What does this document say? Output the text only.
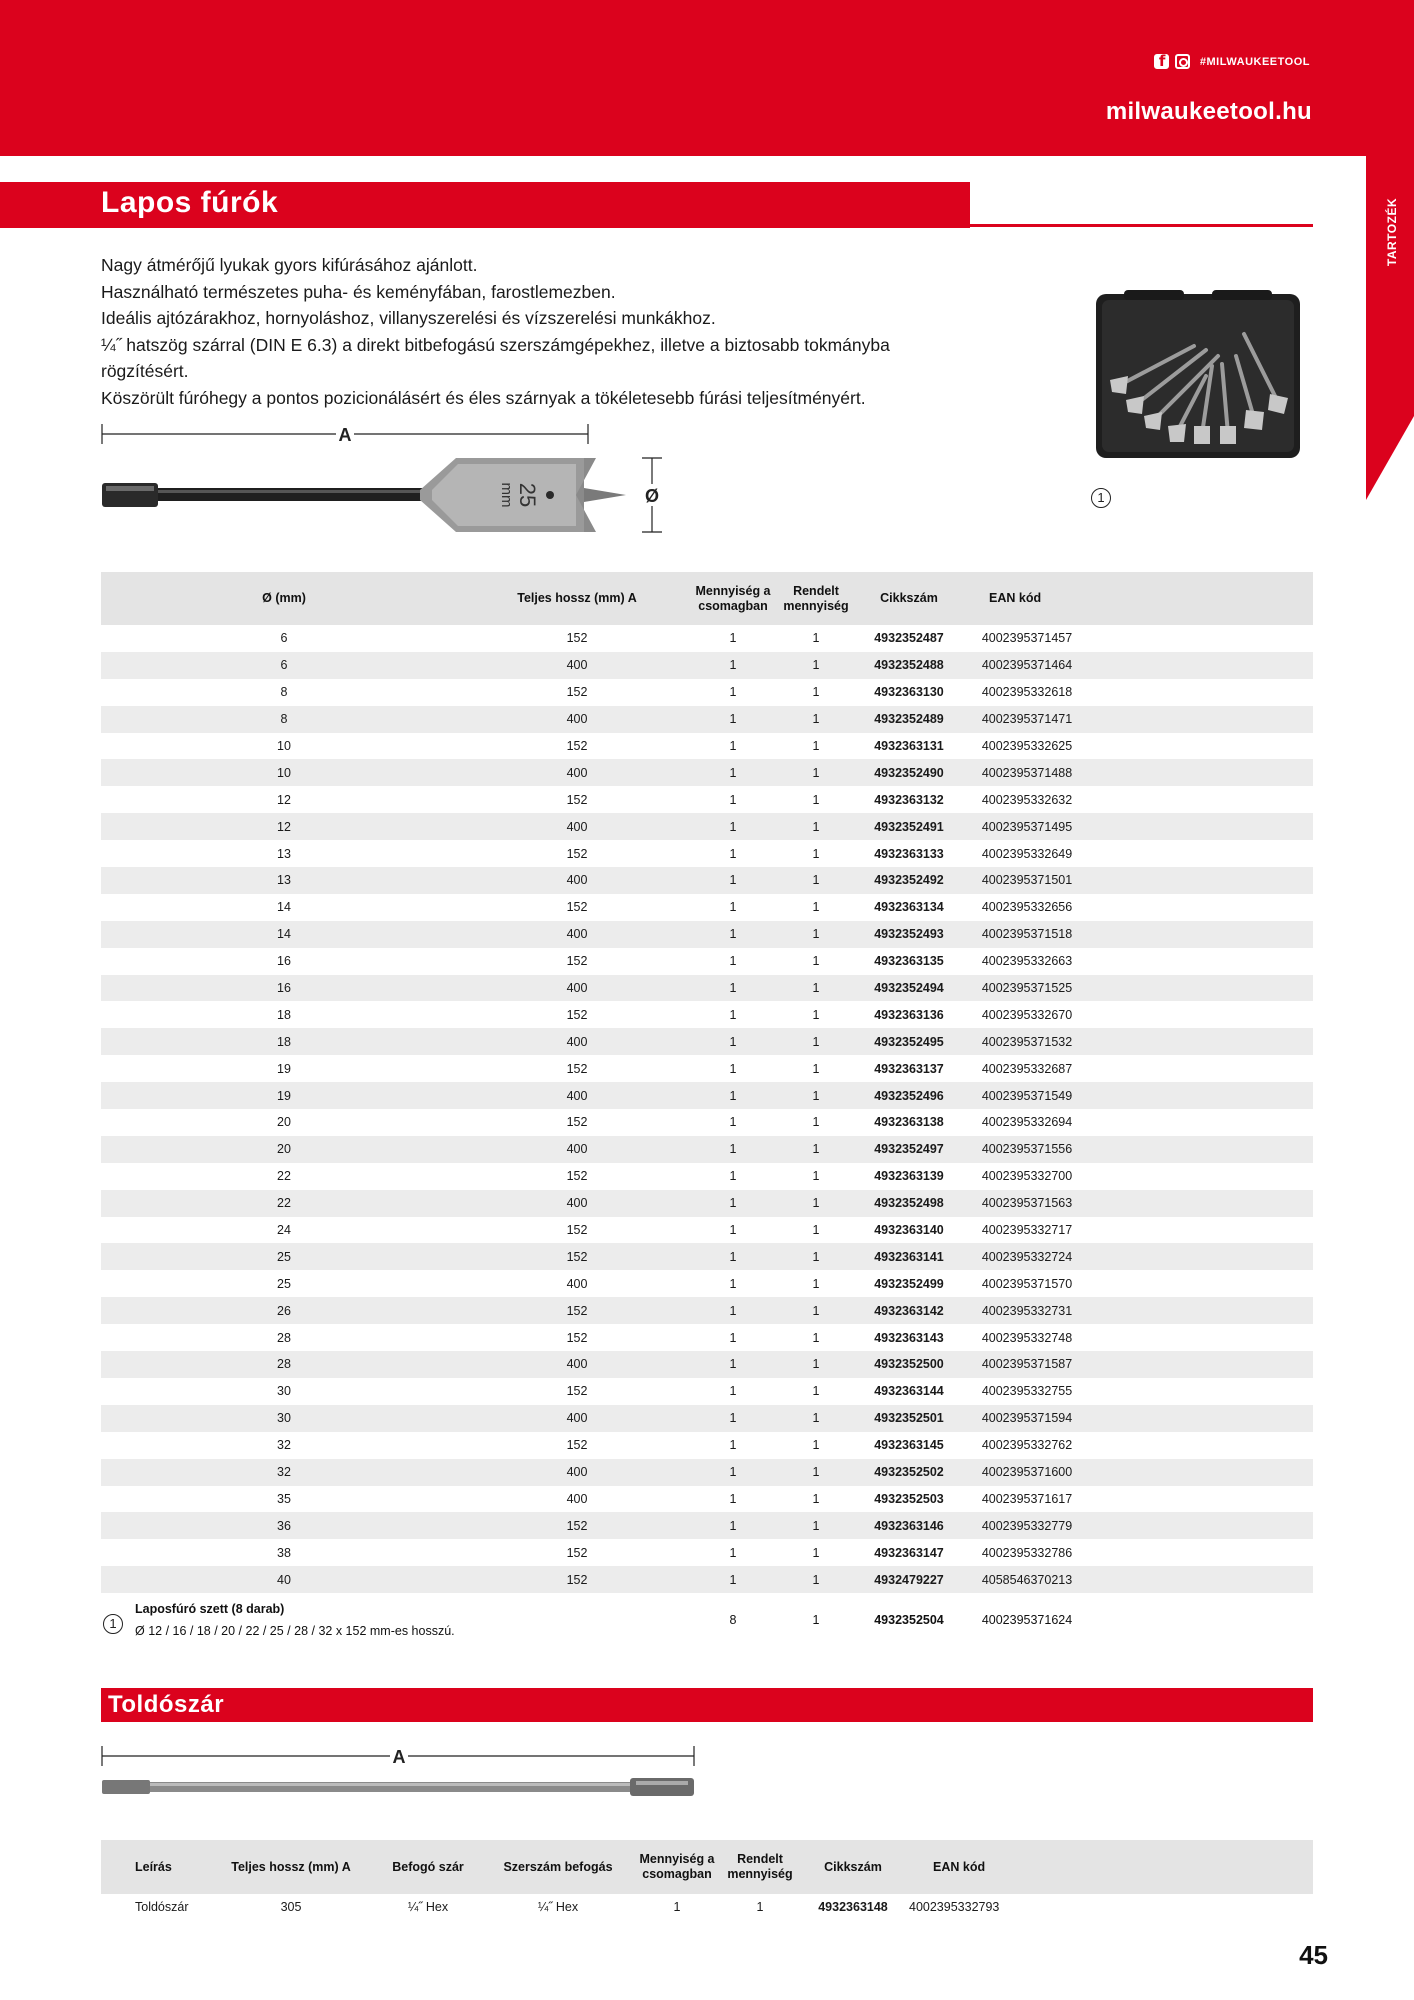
f
#MILWAUKEETOOL
milwaukeetool.hu
TARTOZÉK
Lapos fúrók
Nagy átmérőjű lyukak gyors kifúrásához ajánlott.
Használható természetes puha- és keményfában, farostlemezben.
Ideális ajtózárakhoz, hornyoláshoz, villanyszerelési és vízszerelési munkákhoz.
¼˝ hatszög szárral (DIN E 6.3) a direkt bitbefogású szerszámgépekhez, illetve a biztosabb tokmányba rögzítésért.
Köszörült fúróhegy a pontos pozicionálásért és éles szárnyak a tökéletesebb fúrási teljesítményért.
A
25
mm	Ø	1
Ø (mm)	Teljes hossz (mm) A	Mennyiség a csomagban	Rendelt mennyiség	Cikkszám	EAN kód	
6	152	1	1	4932352487	4002395371457	
6	400	1	1	4932352488	4002395371464	
8	152	1	1	4932363130	4002395332618	
8	400	1	1	4932352489	4002395371471	
10	152	1	1	4932363131	4002395332625	
10	400	1	1	4932352490	4002395371488	
12	152	1	1	4932363132	4002395332632	
12	400	1	1	4932352491	4002395371495	
13	152	1	1	4932363133	4002395332649	
13	400	1	1	4932352492	4002395371501	
14	152	1	1	4932363134	4002395332656	
14	400	1	1	4932352493	4002395371518	
16	152	1	1	4932363135	4002395332663	
16	400	1	1	4932352494	4002395371525	
18	152	1	1	4932363136	4002395332670	
18	400	1	1	4932352495	4002395371532	
19	152	1	1	4932363137	4002395332687	
19	400	1	1	4932352496	4002395371549	
20	152	1	1	4932363138	4002395332694	
20	400	1	1	4932352497	4002395371556	
22	152	1	1	4932363139	4002395332700	
22	400	1	1	4932352498	4002395371563	
24	152	1	1	4932363140	4002395332717	
25	152	1	1	4932363141	4002395332724	
25	400	1	1	4932352499	4002395371570	
26	152	1	1	4932363142	4002395332731	
28	152	1	1	4932363143	4002395332748	
28	400	1	1	4932352500	4002395371587	
30	152	1	1	4932363144	4002395332755	
30	400	1	1	4932352501	4002395371594	
32	152	1	1	4932363145	4002395332762	
32	400	1	1	4932352502	4002395371600	
35	400	1	1	4932352503	4002395371617	
36	152	1	1	4932363146	4002395332779	
38	152	1	1	4932363147	4002395332786	
40	152	1	1	4932479227	4058546370213	
1
Laposfúró szett (8 darab)
Ø 12 / 16 / 18 / 20 / 22 / 25 / 28 / 32 x 152 mm-es hosszú.
8	1	4932352504	4002395371624
Toldószár
A
Leírás	Teljes hossz (mm) A	Befogó szár	Szerszám befogás	Mennyiség a csomagban	Rendelt mennyiség	Cikkszám	EAN kód	
Toldószár	305	¼˝ Hex	¼˝ Hex	1	1	4932363148	4002395332793	
45
